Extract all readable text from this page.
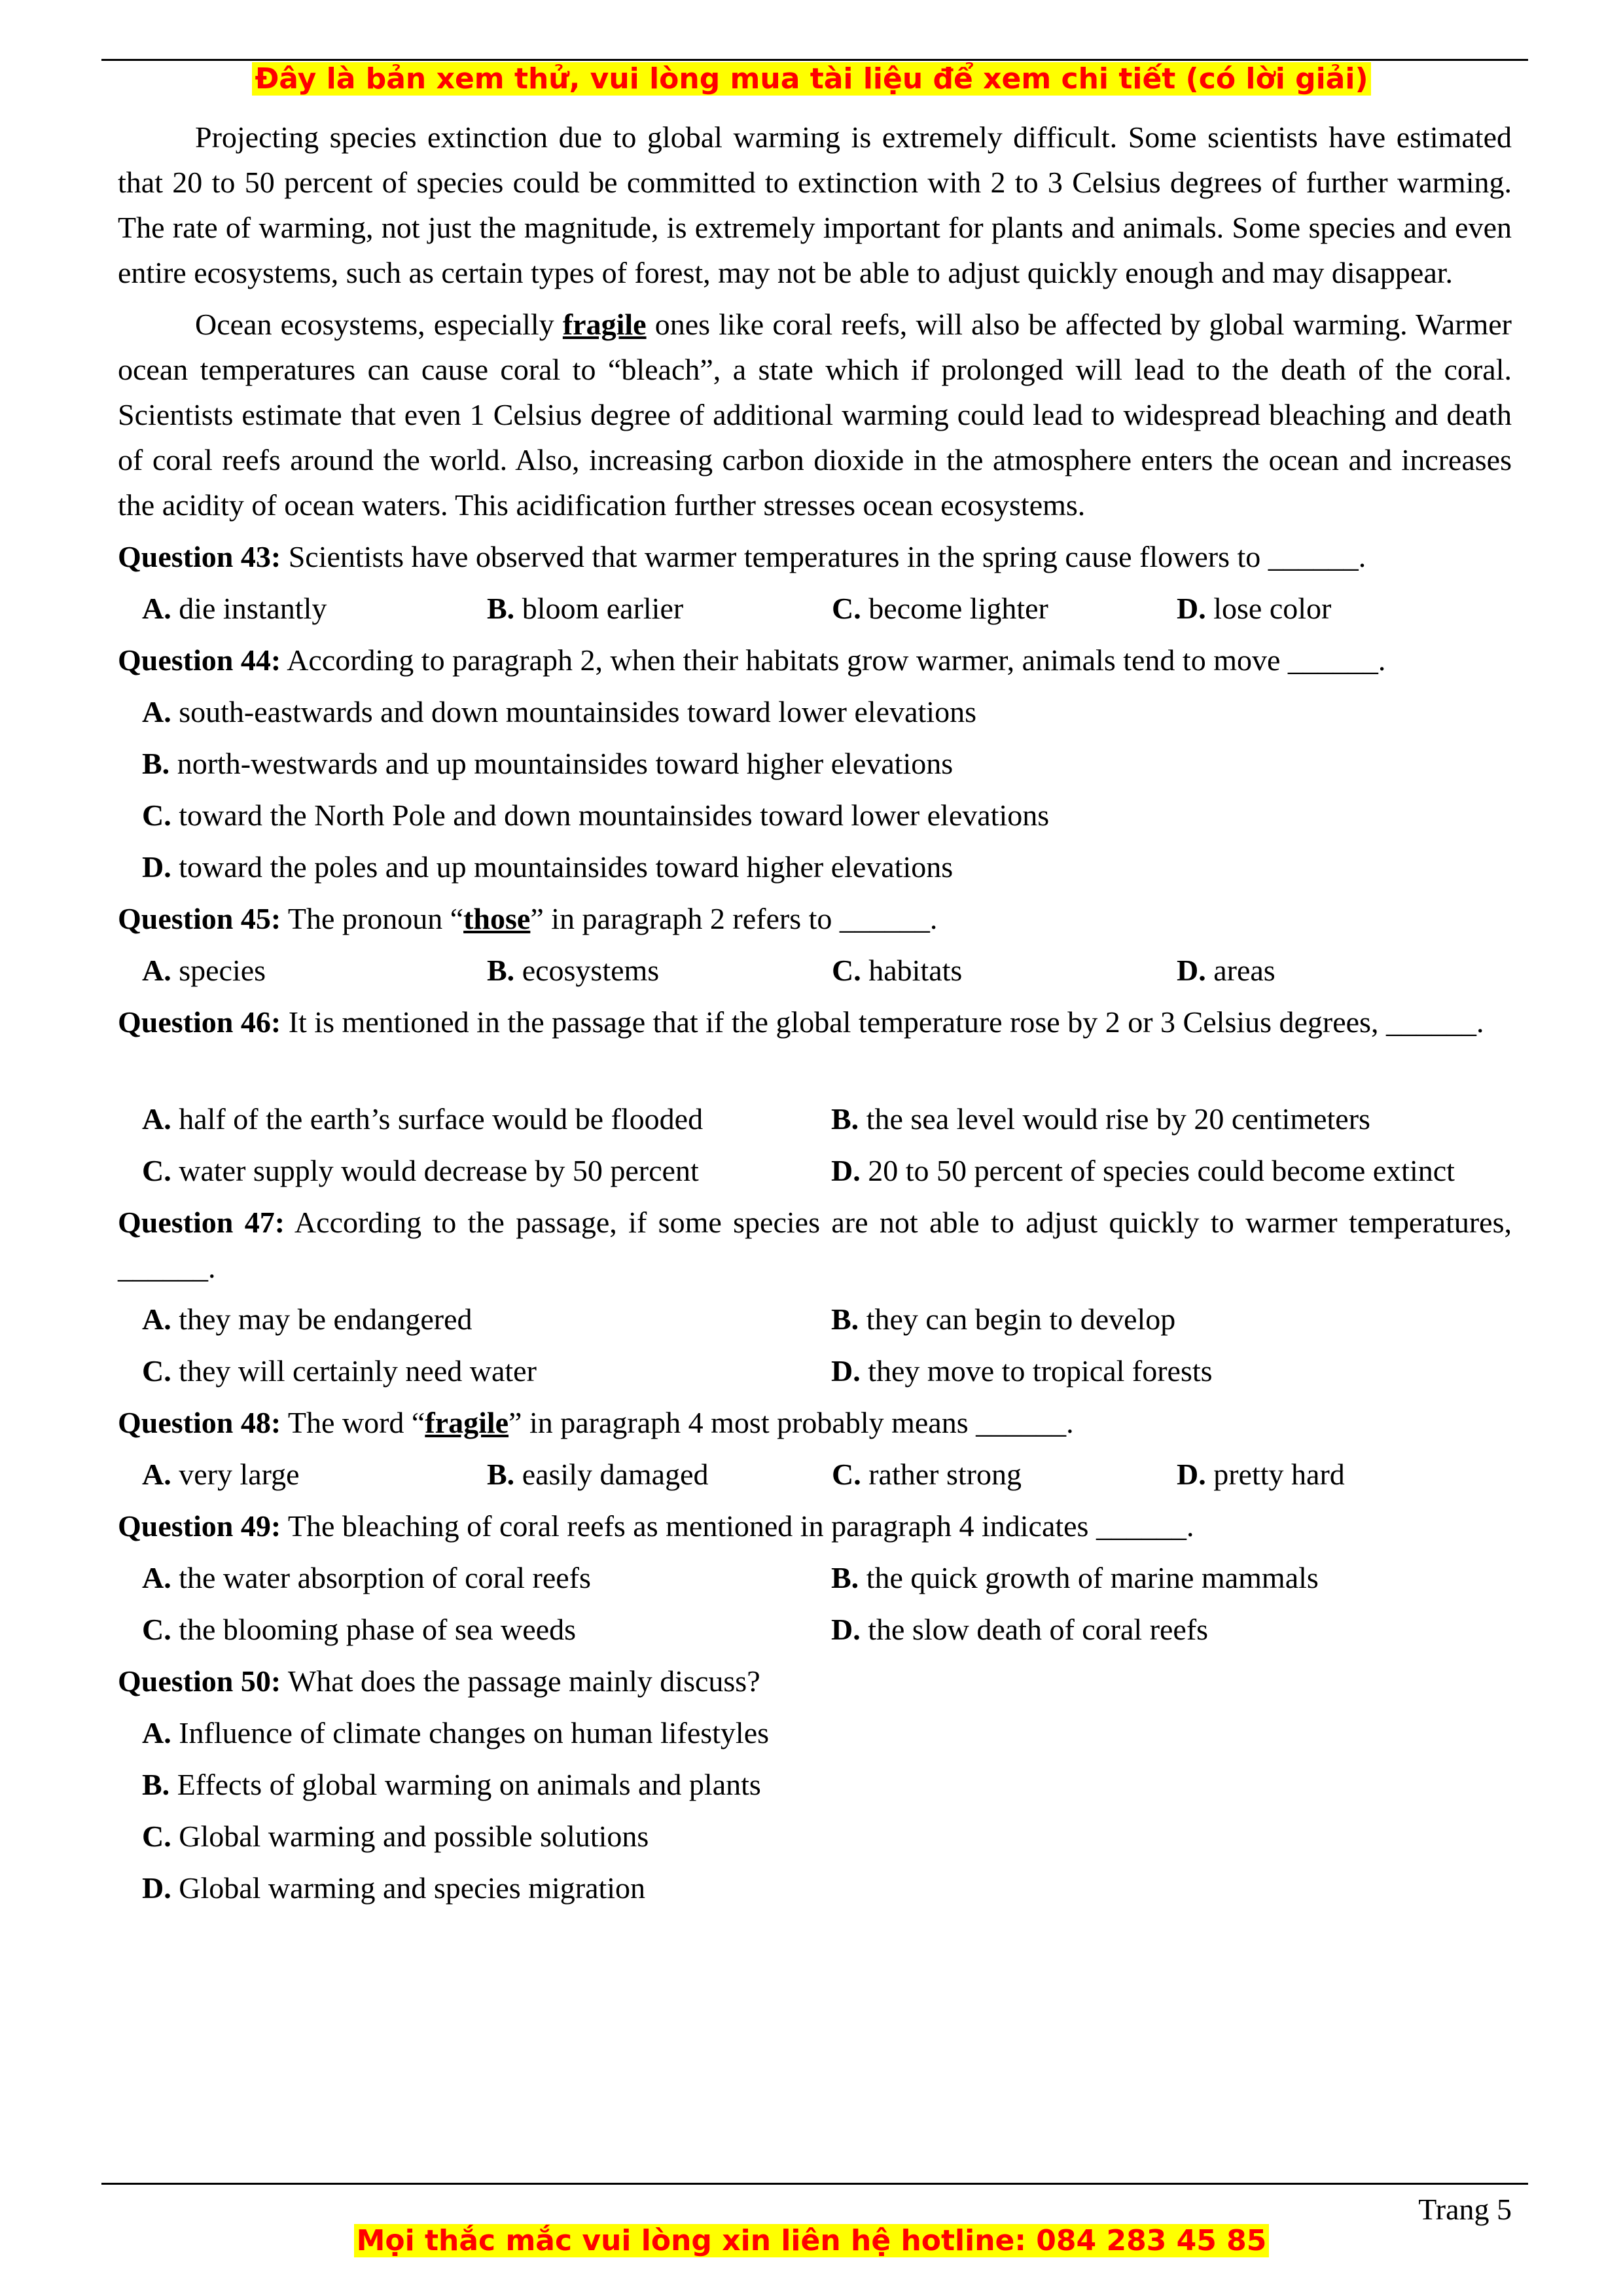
Đây là bản xem thử, vui lòng mua tài liệu để xem chi tiết (có lời giải)

Projecting species extinction due to global warming is extremely difficult. Some scientists have estimated that 20 to 50 percent of species could be committed to extinction with 2 to 3 Celsius degrees of further warming. The rate of warming, not just the magnitude, is extremely important for plants and animals. Some species and even entire ecosystems, such as certain types of forest, may not be able to adjust quickly enough and may disappear.

Ocean ecosystems, especially fragile ones like coral reefs, will also be affected by global warming. Warmer ocean temperatures can cause coral to “bleach”, a state which if prolonged will lead to the death of the coral. Scientists estimate that even 1 Celsius degree of additional warming could lead to widespread bleaching and death of coral reefs around the world. Also, increasing carbon dioxide in the atmosphere enters the ocean and increases the acidity of ocean waters. This acidification further stresses ocean ecosystems.

Question 43: Scientists have observed that warmer temperatures in the spring cause flowers to ______.
A. die instantly	B. bloom earlier	C. become lighter	D. lose color
Question 44: According to paragraph 2, when their habitats grow warmer, animals tend to move ______.
A. south-eastwards and down mountainsides toward lower elevations
B. north-westwards and up mountainsides toward higher elevations
C. toward the North Pole and down mountainsides toward lower elevations
D. toward the poles and up mountainsides toward higher elevations
Question 45: The pronoun “those” in paragraph 2 refers to ______.
A. species	B. ecosystems	C. habitats	D. areas
Question 46: It is mentioned in the passage that if the global temperature rose by 2 or 3 Celsius degrees, ______.
A. half of the earth’s surface would be flooded	B. the sea level would rise by 20 centimeters
C. water supply would decrease by 50 percent	D. 20 to 50 percent of species could become extinct
Question 47: According to the passage, if some species are not able to adjust quickly to warmer temperatures, ______.
A. they may be endangered	B. they can begin to develop
C. they will certainly need water	D. they move to tropical forests
Question 48: The word “fragile” in paragraph 4 most probably means ______.
A. very large	B. easily damaged	C. rather strong	D. pretty hard
Question 49: The bleaching of coral reefs as mentioned in paragraph 4 indicates ______.
A. the water absorption of coral reefs	B. the quick growth of marine mammals
C. the blooming phase of sea weeds	D. the slow death of coral reefs
Question 50: What does the passage mainly discuss?
A. Influence of climate changes on human lifestyles
B. Effects of global warming on animals and plants
C. Global warming and possible solutions
D. Global warming and species migration
Trang 5
Mọi thắc mắc vui lòng xin liên hệ hotline: 084 283 45 85
